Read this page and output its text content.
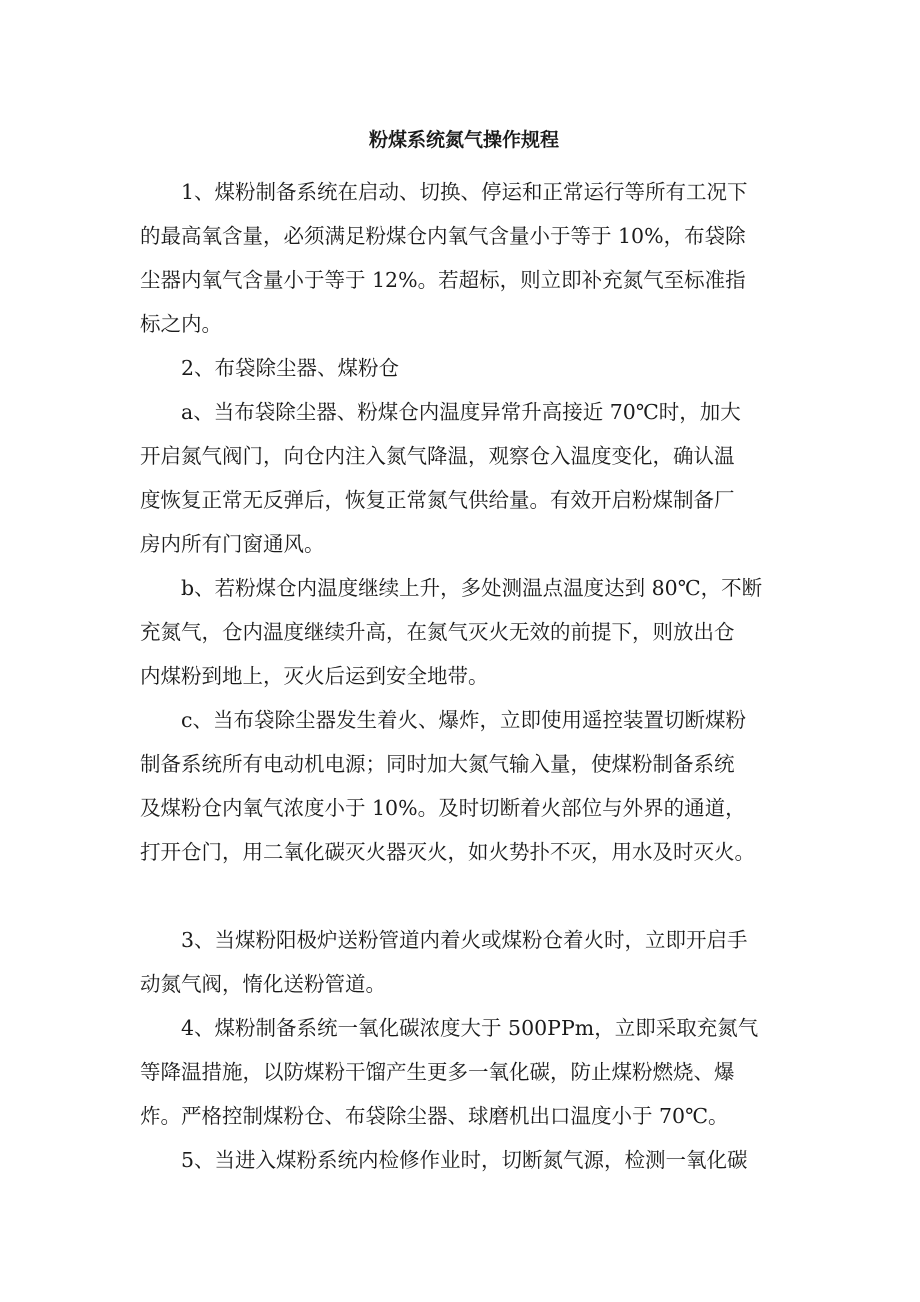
粉煤系统氮气操作规程

1、煤粉制备系统在启动、切换、停运和正常运行等所有工况下
的最高氧含量，必须满足粉煤仓内氧气含量小于等于 10%，布袋除
尘器内氧气含量小于等于 12%。若超标，则立即补充氮气至标准指
标之内。

2、布袋除尘器、煤粉仓

a、当布袋除尘器、粉煤仓内温度异常升高接近 70℃时，加大
开启氮气阀门，向仓内注入氮气降温，观察仓入温度变化，确认温
度恢复正常无反弹后，恢复正常氮气供给量。有效开启粉煤制备厂
房内所有门窗通风。

b、若粉煤仓内温度继续上升，多处测温点温度达到 80℃，不断
充氮气，仓内温度继续升高，在氮气灭火无效的前提下，则放出仓
内煤粉到地上，灭火后运到安全地带。

c、当布袋除尘器发生着火、爆炸，立即使用遥控装置切断煤粉
制备系统所有电动机电源；同时加大氮气输入量，使煤粉制备系统
及煤粉仓内氧气浓度小于 10%。及时切断着火部位与外界的通道，
打开仓门，用二氧化碳灭火器灭火，如火势扑不灭，用水及时灭火。

3、当煤粉阳极炉送粉管道内着火或煤粉仓着火时，立即开启手
动氮气阀，惰化送粉管道。

4、煤粉制备系统一氧化碳浓度大于 500PPm，立即采取充氮气
等降温措施，以防煤粉干馏产生更多一氧化碳，防止煤粉燃烧、爆
炸。严格控制煤粉仓、布袋除尘器、球磨机出口温度小于 70℃。

5、当进入煤粉系统内检修作业时，切断氮气源，检测一氧化碳
